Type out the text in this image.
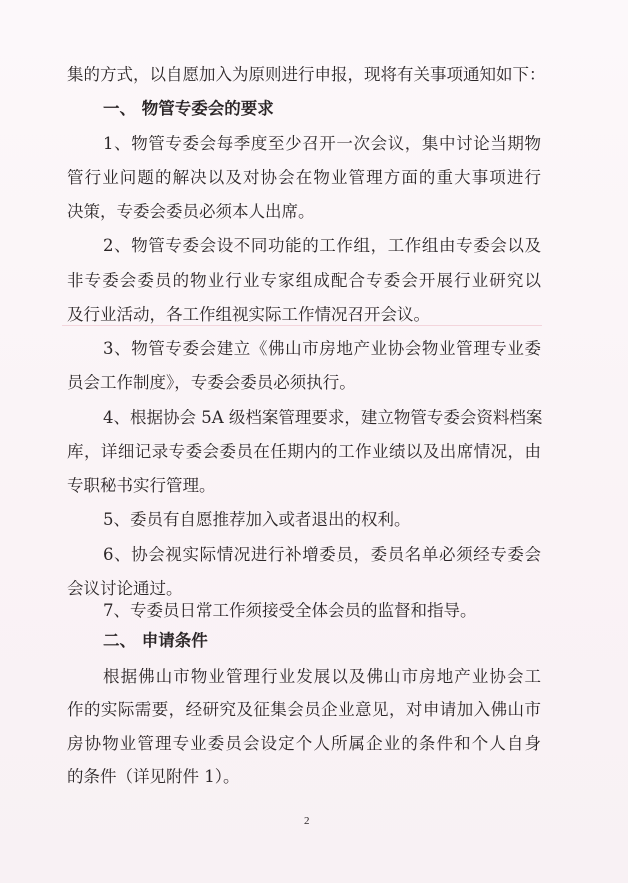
集的方式，以自愿加入为原则进行申报，现将有关事项通知如下：
一、 物管专委会的要求
1、物管专委会每季度至少召开一次会议，集中讨论当期物
管行业问题的解决以及对协会在物业管理方面的重大事项进行
决策，专委会委员必须本人出席。
2、物管专委会设不同功能的工作组，工作组由专委会以及
非专委会委员的物业行业专家组成配合专委会开展行业研究以
及行业活动，各工作组视实际工作情况召开会议。
3、物管专委会建立《佛山市房地产业协会物业管理专业委
员会工作制度》，专委会委员必须执行。
4、根据协会 5A 级档案管理要求，建立物管专委会资料档案
库，详细记录专委会委员在任期内的工作业绩以及出席情况，由
专职秘书实行管理。
5、委员有自愿推荐加入或者退出的权利。
6、协会视实际情况进行补增委员，委员名单必须经专委会
会议讨论通过。
7、专委员日常工作须接受全体会员的监督和指导。
二、 申请条件
根据佛山市物业管理行业发展以及佛山市房地产业协会工
作的实际需要，经研究及征集会员企业意见，对申请加入佛山市
房协物业管理专业委员会设定个人所属企业的条件和个人自身
的条件（详见附件 1）。
2
